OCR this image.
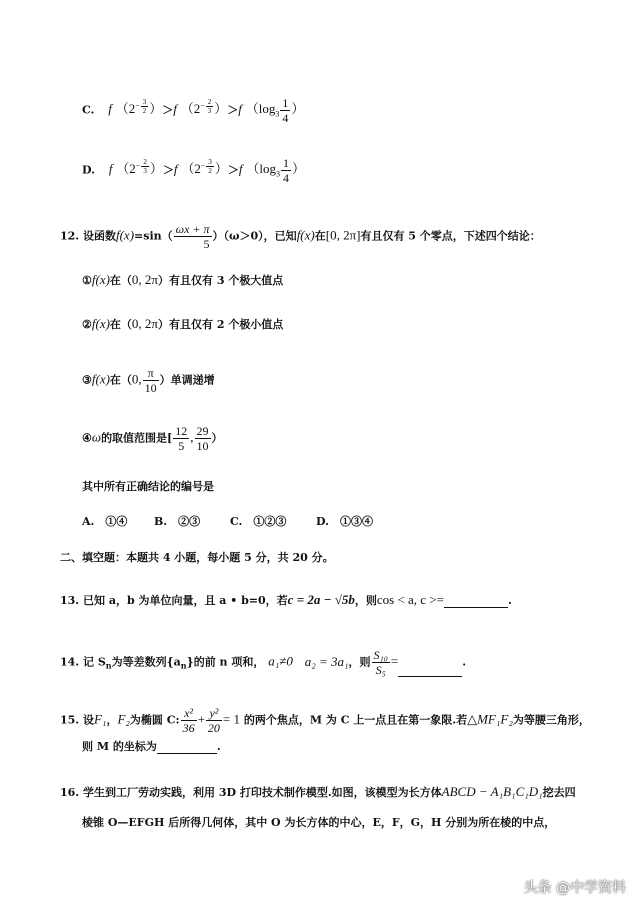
C. f （$2^{- \frac{3}{2}}$ ）＞f （$2^{- \frac{2}{3}}$ ）＞f （$\log_3 \frac{1}{4}$ ）
D. f （$2^{- \frac{2}{3}}$ ）＞f （$2^{- \frac{3}{2}}$ ）＞f （$\log_3 \frac{1}{4}$ ）
12. 设函数$f(x)=\sin( \frac{\omega x + \pi}{5} )(\omega>0)$，已知f(x)在[0, 2π]有且仅有 5 个零点，下述四个结论：
①f(x)在（0, 2π）有且仅有 3 个极大值点
②f(x)在（0, 2π）有且仅有 2 个极小值点
③f(x)在（0, $\frac{\pi}{10}$ ）单调递增
④ω的取值范围是[ $\frac{12}{5}$ , $\frac{29}{10}$ ）
其中所有正确结论的编号是
A.　①④ B.　②③	C.　①②③	D.　①③④
二、填空题：本题共 4 小题，每小题 5 分，共 20 分。
13. 已知 a，b 为单位向量，且 a • b=0，若c = 2a − √5b，则cos < a, c >=	.
14. 记 $S_n$为等差数列$\{a_n\}$的前 n 项和， a₁≠0 a₂ = 3a₁，则 $\frac{\text{S₁₀}}{\text{S₅}}$ =	.
15. 设F₁，F₂为椭圆 C: $\frac{\text{x²}}{36} + \frac{\text{y²}}{20} = 1$ 的两个焦点，M 为 C 上一点且在第一象限.若△MF₁F₂为等腰三角形，
则 M 的坐标为	.
16. 学生到工厂劳动实践，利用 3D 打印技术制作模型.如图，该模型为长方体ABCD − A₁B₁C₁D₁挖去四
棱锥 O—EFGH 后所得几何体，其中 O 为长方体的中心，E，F，G，H 分别为所在棱的中点，
头条 @中学资料
